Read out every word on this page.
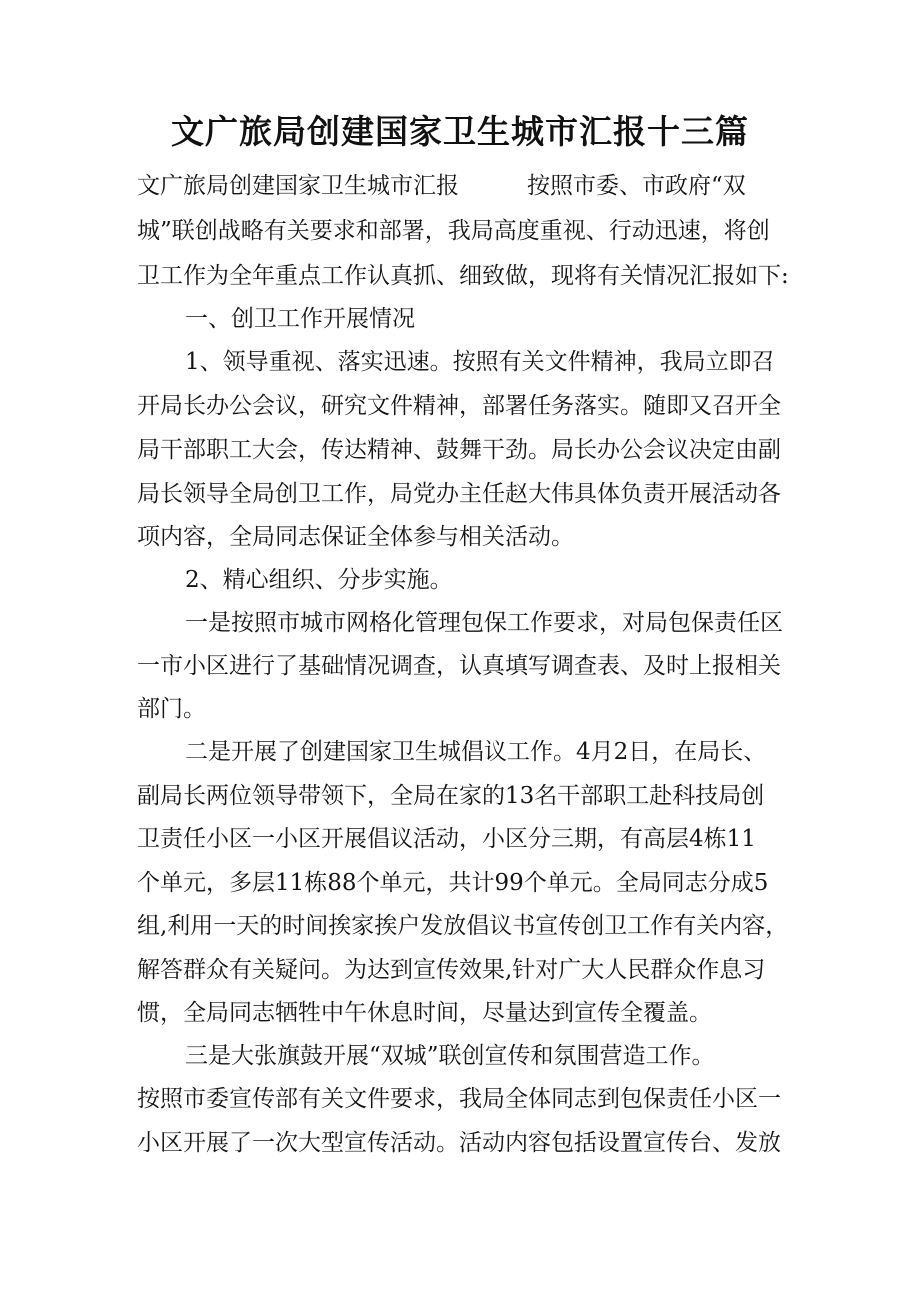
文广旅局创建国家卫生城市汇报十三篇
文广旅局创建国家卫生城市汇报	按照市委、市政府“双
城”联创战略有关要求和部署，我局高度重视、行动迅速，将创
卫工作为全年重点工作认真抓、细致做，现将有关情况汇报如下:
一、创卫工作开展情况
1、领导重视、落实迅速。按照有关文件精神，我局立即召
开局长办公会议，研究文件精神，部署任务落实。随即又召开全
局干部职工大会，传达精神、鼓舞干劲。局长办公会议决定由副
局长领导全局创卫工作，局党办主任赵大伟具体负责开展活动各
项内容，全局同志保证全体参与相关活动。
2、精心组织、分步实施。
一是按照市城市网格化管理包保工作要求，对局包保责任区
一市小区进行了基础情况调查，认真填写调查表、及时上报相关
部门。
二是开展了创建国家卫生城倡议工作。4月2日，在局长、
副局长两位领导带领下，全局在家的13名干部职工赴科技局创
卫责任小区一小区开展倡议活动，小区分三期，有高层4栋11
个单元，多层11栋88个单元，共计99个单元。全局同志分成5
组,利用一天的时间挨家挨户发放倡议书宣传创卫工作有关内容，
解答群众有关疑问。为达到宣传效果,针对广大人民群众作息习
惯，全局同志牺牲中午休息时间，尽量达到宣传全覆盖。
三是大张旗鼓开展“双城”联创宣传和氛围营造工作。
按照市委宣传部有关文件要求，我局全体同志到包保责任小区一
小区开展了一次大型宣传活动。活动内容包括设置宣传台、发放
